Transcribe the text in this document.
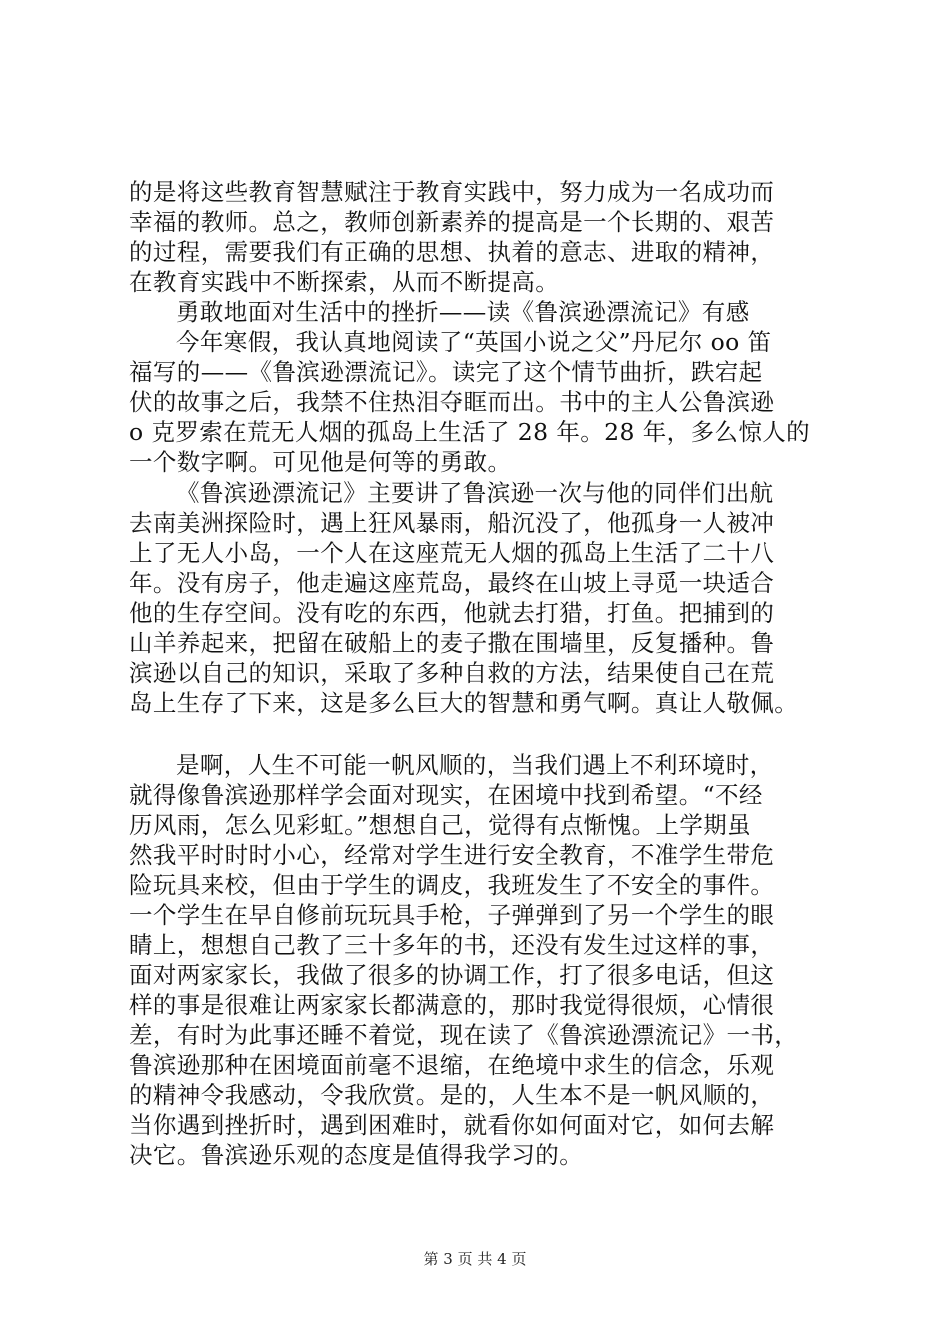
的是将这些教育智慧赋注于教育实践中，努力成为一名成功而
幸福的教师。总之，教师创新素养的提高是一个长期的、艰苦
的过程，需要我们有正确的思想、执着的意志、进取的精神，
在教育实践中不断探索，从而不断提高。
勇敢地面对生活中的挫折——读《鲁滨逊漂流记》有感
今年寒假，我认真地阅读了“英国小说之父”丹尼尔 oo 笛
福写的——《鲁滨逊漂流记》。读完了这个情节曲折，跌宕起
伏的故事之后，我禁不住热泪夺眶而出。书中的主人公鲁滨逊
o 克罗索在荒无人烟的孤岛上生活了 28 年。28 年，多么惊人的
一个数字啊。可见他是何等的勇敢。
《鲁滨逊漂流记》主要讲了鲁滨逊一次与他的同伴们出航
去南美洲探险时，遇上狂风暴雨，船沉没了，他孤身一人被冲
上了无人小岛，一个人在这座荒无人烟的孤岛上生活了二十八
年。没有房子，他走遍这座荒岛，最终在山坡上寻觅一块适合
他的生存空间。没有吃的东西，他就去打猎，打鱼。把捕到的
山羊养起来，把留在破船上的麦子撒在围墙里，反复播种。鲁
滨逊以自己的知识，采取了多种自救的方法，结果使自己在荒
岛上生存了下来，这是多么巨大的智慧和勇气啊。真让人敬佩。
是啊，人生不可能一帆风顺的，当我们遇上不利环境时，
就得像鲁滨逊那样学会面对现实，在困境中找到希望。“不经
历风雨，怎么见彩虹。”想想自己，觉得有点惭愧。上学期虽
然我平时时时小心，经常对学生进行安全教育，不准学生带危
险玩具来校，但由于学生的调皮，我班发生了不安全的事件。
一个学生在早自修前玩玩具手枪，子弹弹到了另一个学生的眼
睛上，想想自己教了三十多年的书，还没有发生过这样的事，
面对两家家长，我做了很多的协调工作，打了很多电话，但这
样的事是很难让两家家长都满意的，那时我觉得很烦，心情很
差，有时为此事还睡不着觉，现在读了《鲁滨逊漂流记》一书，
鲁滨逊那种在困境面前毫不退缩，在绝境中求生的信念，乐观
的精神令我感动，令我欣赏。是的，人生本不是一帆风顺的，
当你遇到挫折时，遇到困难时，就看你如何面对它，如何去解
决它。鲁滨逊乐观的态度是值得我学习的。
第 3 页 共 4 页
